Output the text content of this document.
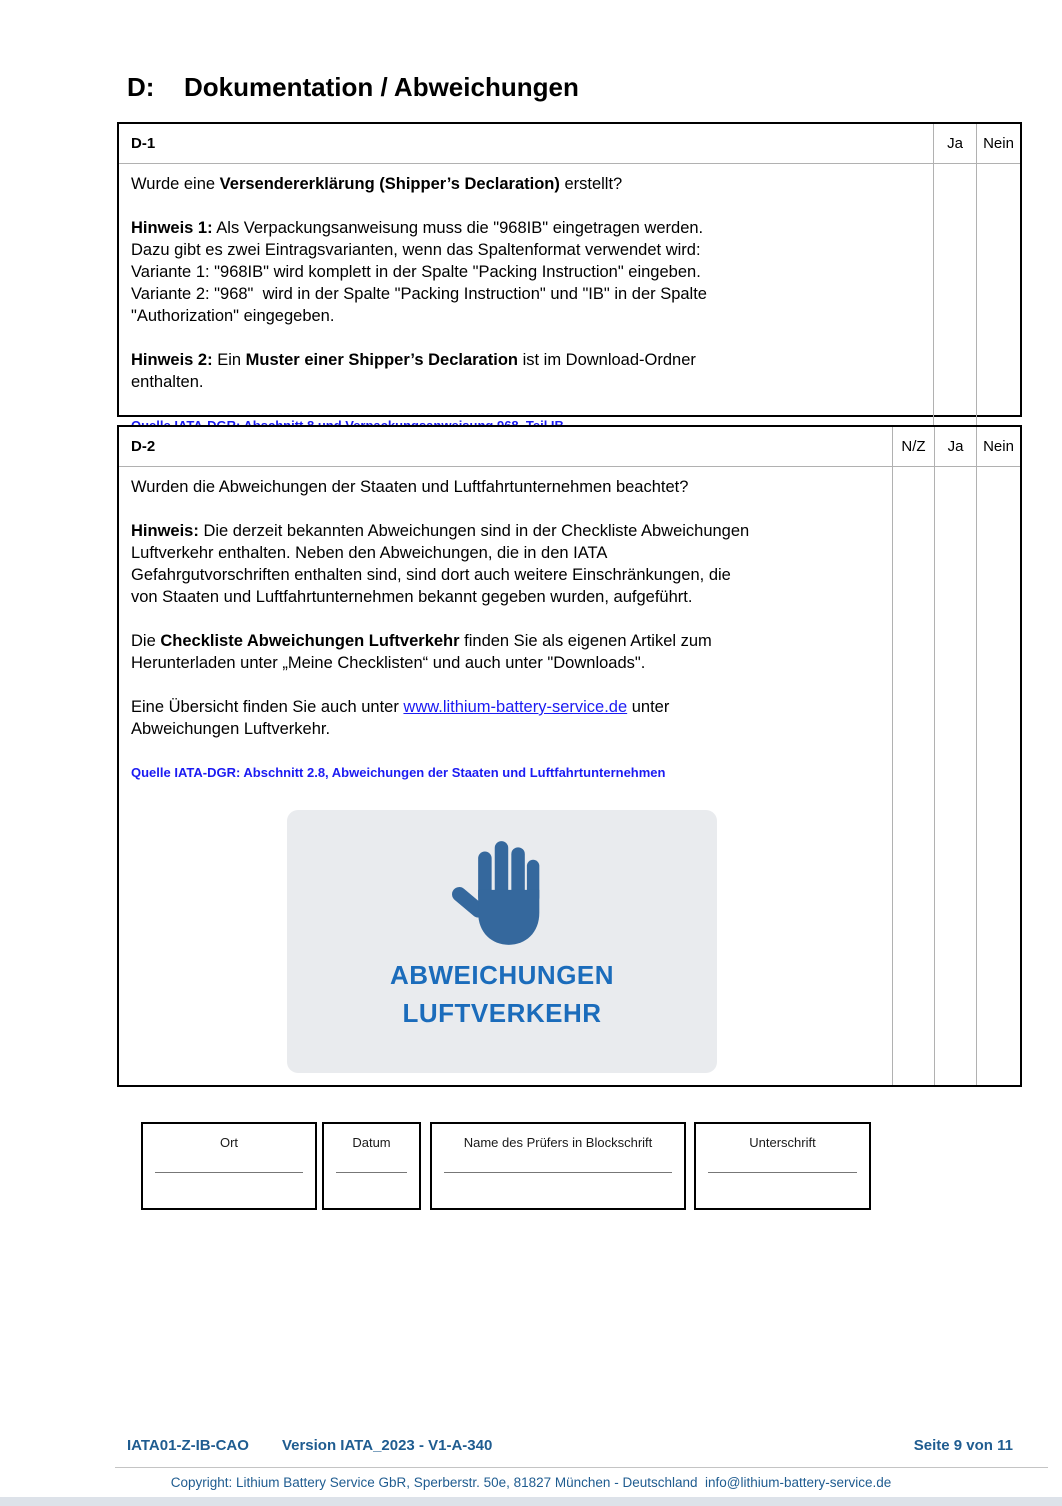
D:	Dokumentation / Abweichungen
D-1	Ja	Nein

Wurde eine Versendererklärung (Shipper’s Declaration) erstellt?

Hinweis 1: Als Verpackungsanweisung muss die "968IB" eingetragen werden.
Dazu gibt es zwei Eintragsvarianten, wenn das Spaltenformat verwendet wird:
Variante 1: "968IB" wird komplett in der Spalte "Packing Instruction" eingeben.
Variante 2: "968"  wird in der Spalte "Packing Instruction" und "IB" in der Spalte
"Authorization" eingegeben.

Hinweis 2: Ein Muster einer Shipper’s Declaration ist im Download-Ordner
enthalten.

D-2	N/Z	Ja	Nein

Wurden die Abweichungen der Staaten und Luftfahrtunternehmen beachtet?

Hinweis: Die derzeit bekannten Abweichungen sind in der Checkliste Abweichungen
Luftverkehr enthalten. Neben den Abweichungen, die in den IATA
Gefahrgutvorschriften enthalten sind, sind dort auch weitere Einschränkungen, die
von Staaten und Luftfahrtunternehmen bekannt gegeben wurden, aufgeführt.

Die Checkliste Abweichungen Luftverkehr finden Sie als eigenen Artikel zum
Herunterladen unter „Meine Checklisten“ und auch unter "Downloads".

Eine Übersicht finden Sie auch unter www.lithium-battery-service.de unter
Abweichungen Luftverkehr.

Quelle IATA-DGR: Abschnitt 2.8, Abweichungen der Staaten und Luftfahrtunternehmen

ABWEICHUNGEN
LUFTVERKEHR
Ort	Datum	Name des Prüfers in Blockschrift	Unterschrift
IATA01-Z-IB-CAO Version IATA_2023 - V1-A-340	Seite 9 von 11
Copyright: Lithium Battery Service GbR, Sperberstr. 50e, 81827 München - Deutschland  info@lithium-battery-service.de
